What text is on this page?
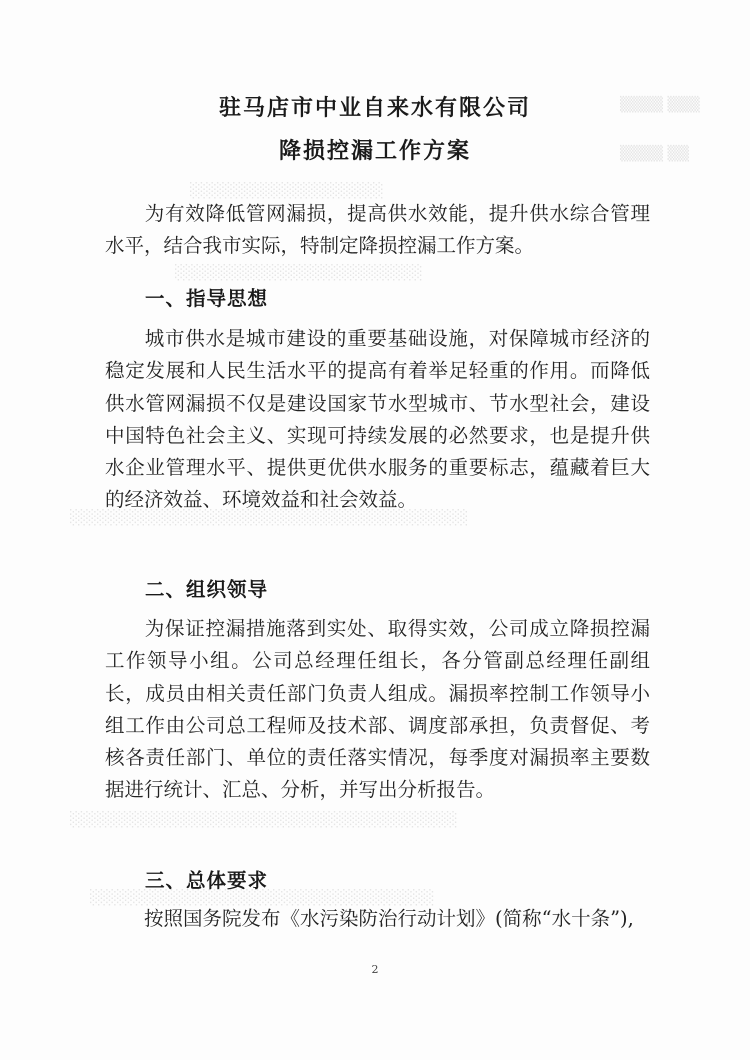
▒▒▒▒ ▒▒▒
▒▒▒▒ ▒▒
░░░░░░░░░░░░░░░░░░
░░░░░░░░░░░░░░░░░░░░░░░
░░░░░░░░░░░░░░░░░░░░░░░░░░░░░░░░░░░░░
░░░░░░░░░░░░░░░░░░░░░░░░░░░░░░░░░░░░
░░░░░░░░░░░░░░░░░░░░░░░░░░░░░░░░
驻马店市中业自来水有限公司
降损控漏工作方案
为有效降低管网漏损，提高供水效能，提升供水综合管理水平，结合我市实际，特制定降损控漏工作方案。
一、指导思想
城市供水是城市建设的重要基础设施，对保障城市经济的稳定发展和人民生活水平的提高有着举足轻重的作用。而降低供水管网漏损不仅是建设国家节水型城市、节水型社会，建设中国特色社会主义、实现可持续发展的必然要求，也是提升供水企业管理水平、提供更优供水服务的重要标志，蕴藏着巨大的经济效益、环境效益和社会效益。
二、组织领导
为保证控漏措施落到实处、取得实效，公司成立降损控漏工作领导小组。公司总经理任组长，各分管副总经理任副组长，成员由相关责任部门负责人组成。漏损率控制工作领导小组工作由公司总工程师及技术部、调度部承担，负责督促、考核各责任部门、单位的责任落实情况，每季度对漏损率主要数据进行统计、汇总、分析，并写出分析报告。
三、总体要求
按照国务院发布《水污染防治行动计划》(简称“水十条”),
2
